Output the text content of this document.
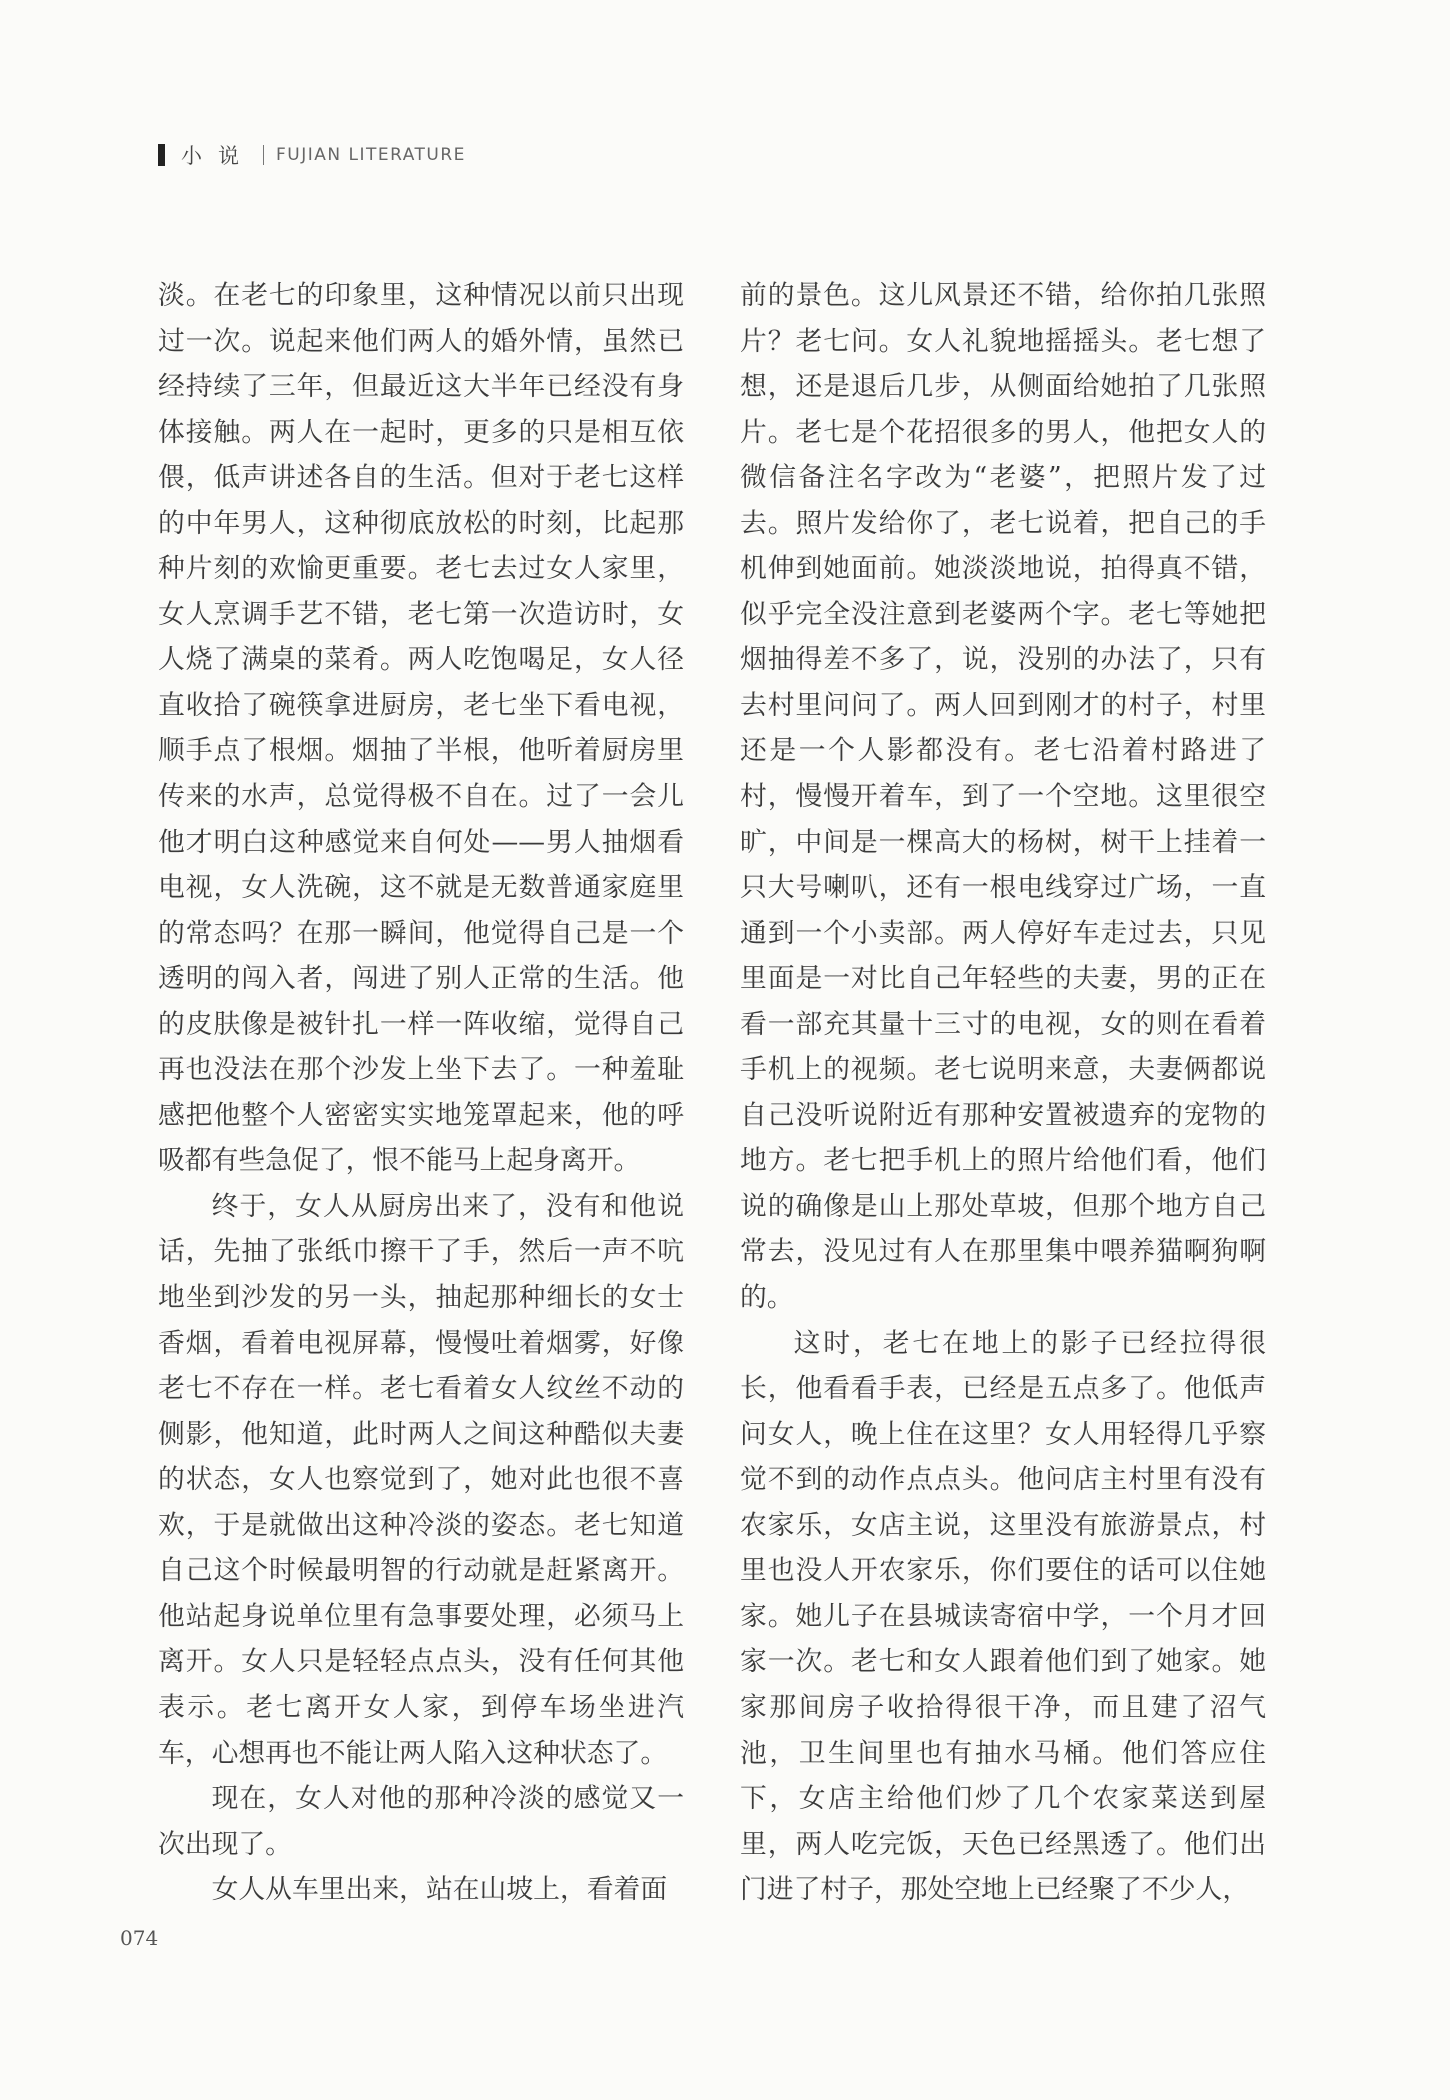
小说 FUJIAN LITERATURE

淡。在老七的印象里，这种情况以前只出现过一次。说起来他们两人的婚外情，虽然已经持续了三年，但最近这大半年已经没有身体接触。两人在一起时，更多的只是相互依偎，低声讲述各自的生活。但对于老七这样的中年男人，这种彻底放松的时刻，比起那种片刻的欢愉更重要。老七去过女人家里，女人烹调手艺不错，老七第一次造访时，女人烧了满桌的菜肴。两人吃饱喝足，女人径直收拾了碗筷拿进厨房，老七坐下看电视，顺手点了根烟。烟抽了半根，他听着厨房里传来的水声，总觉得极不自在。过了一会儿他才明白这种感觉来自何处——男人抽烟看电视，女人洗碗，这不就是无数普通家庭里的常态吗？在那一瞬间，他觉得自己是一个透明的闯入者，闯进了别人正常的生活。他的皮肤像是被针扎一样一阵收缩，觉得自己再也没法在那个沙发上坐下去了。一种羞耻感把他整个人密密实实地笼罩起来，他的呼吸都有些急促了，恨不能马上起身离开。

终于，女人从厨房出来了，没有和他说话，先抽了张纸巾擦干了手，然后一声不吭地坐到沙发的另一头，抽起那种细长的女士香烟，看着电视屏幕，慢慢吐着烟雾，好像老七不存在一样。老七看着女人纹丝不动的侧影，他知道，此时两人之间这种酷似夫妻的状态，女人也察觉到了，她对此也很不喜欢，于是就做出这种冷淡的姿态。老七知道自己这个时候最明智的行动就是赶紧离开。他站起身说单位里有急事要处理，必须马上离开。女人只是轻轻点点头，没有任何其他表示。老七离开女人家，到停车场坐进汽车，心想再也不能让两人陷入这种状态了。

现在，女人对他的那种冷淡的感觉又一次出现了。

女人从车里出来，站在山坡上，看着面

前的景色。这儿风景还不错，给你拍几张照片？老七问。女人礼貌地摇摇头。老七想了想，还是退后几步，从侧面给她拍了几张照片。老七是个花招很多的男人，他把女人的微信备注名字改为“老婆”，把照片发了过去。照片发给你了，老七说着，把自己的手机伸到她面前。她淡淡地说，拍得真不错，似乎完全没注意到老婆两个字。老七等她把烟抽得差不多了，说，没别的办法了，只有去村里问问了。两人回到刚才的村子，村里还是一个人影都没有。老七沿着村路进了村，慢慢开着车，到了一个空地。这里很空旷，中间是一棵高大的杨树，树干上挂着一只大号喇叭，还有一根电线穿过广场，一直通到一个小卖部。两人停好车走过去，只见里面是一对比自己年轻些的夫妻，男的正在看一部充其量十三寸的电视，女的则在看着手机上的视频。老七说明来意，夫妻俩都说自己没听说附近有那种安置被遗弃的宠物的地方。老七把手机上的照片给他们看，他们说的确像是山上那处草坡，但那个地方自己常去，没见过有人在那里集中喂养猫啊狗啊的。

这时，老七在地上的影子已经拉得很长，他看看手表，已经是五点多了。他低声问女人，晚上住在这里？女人用轻得几乎察觉不到的动作点点头。他问店主村里有没有农家乐，女店主说，这里没有旅游景点，村里也没人开农家乐，你们要住的话可以住她家。她儿子在县城读寄宿中学，一个月才回家一次。老七和女人跟着他们到了她家。她家那间房子收拾得很干净，而且建了沼气池，卫生间里也有抽水马桶。他们答应住下，女店主给他们炒了几个农家菜送到屋里，两人吃完饭，天色已经黑透了。他们出门进了村子，那处空地上已经聚了不少人，

074
